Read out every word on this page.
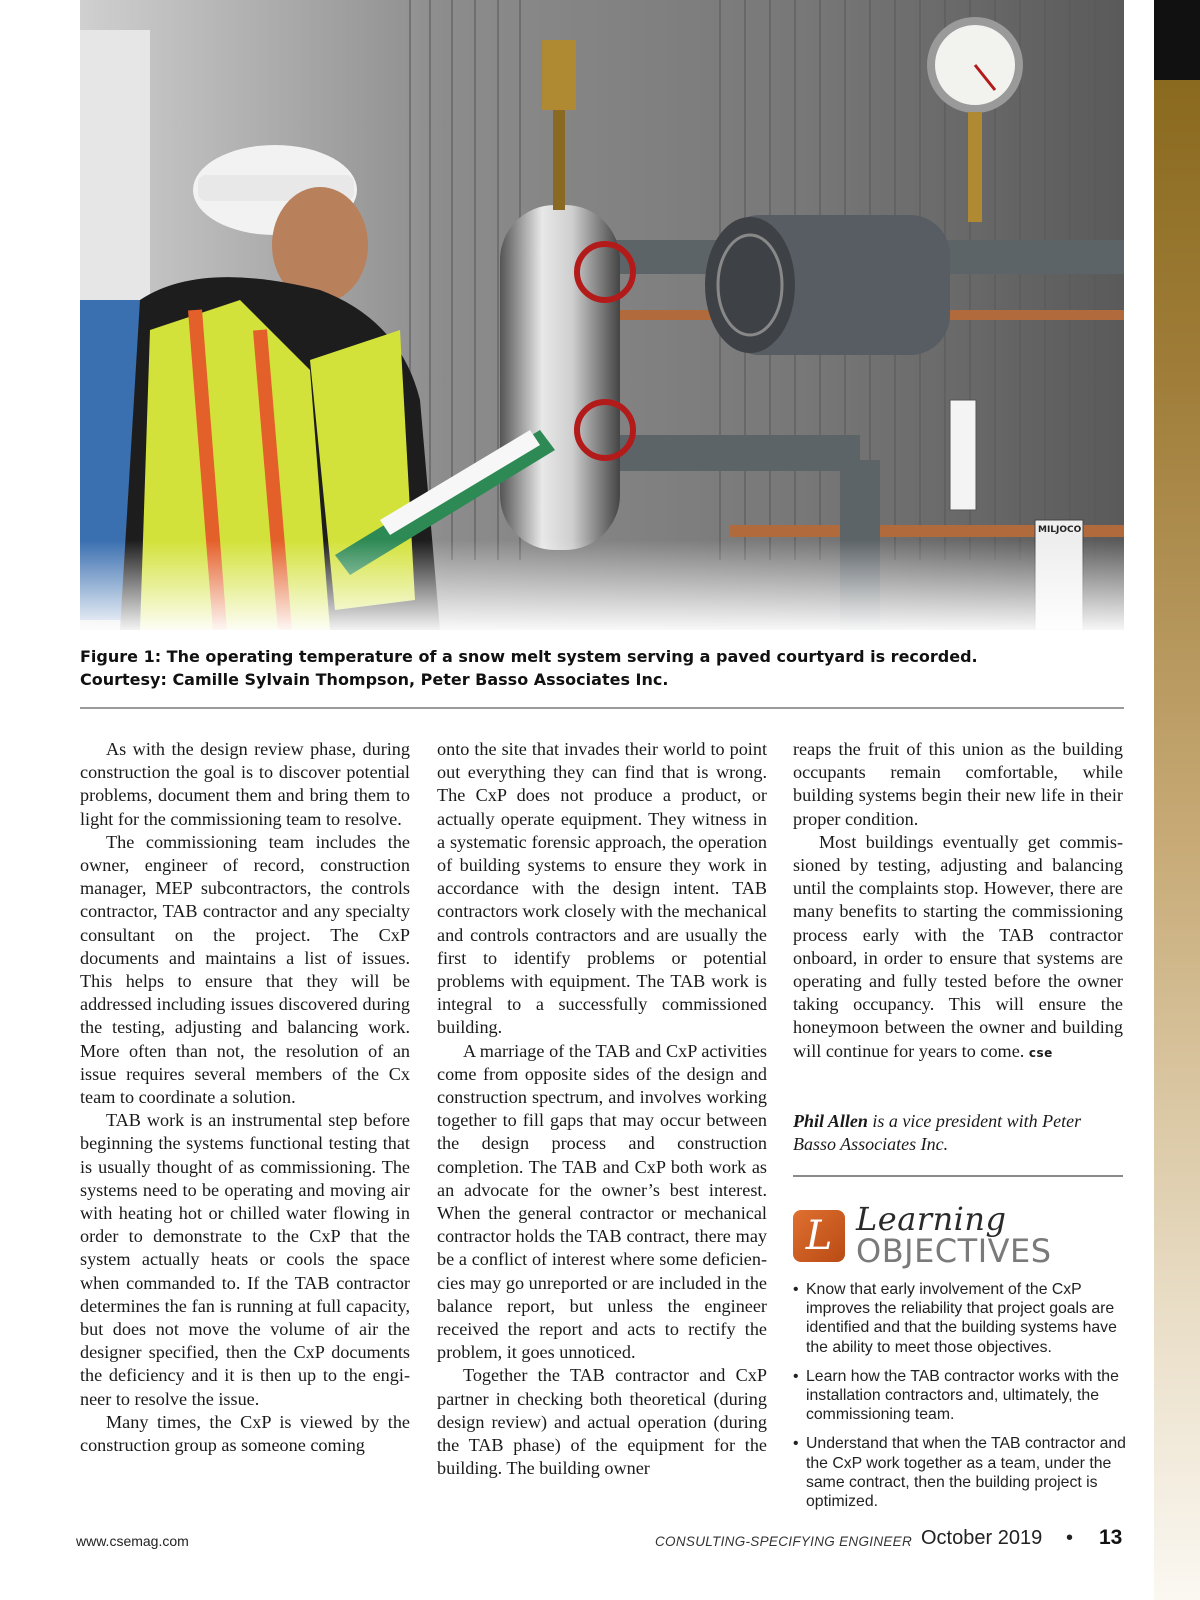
MILJOCO
Figure 1: The operating temperature of a snow melt system serving a paved courtyard is recorded.
Courtesy: Camille Sylvain Thompson, Peter Basso Associates Inc.

As with the design review phase, during construction the goal is to discover potential problems, document them and bring them to light for the commissioning team to resolve.

The commissioning team includes the owner, engineer of record, construction manager, MEP subcontractors, the controls contractor, TAB contractor and any specialty consultant on the project. The CxP documents and maintains a list of issues. This helps to ensure that they will be addressed including issues discovered during the testing, adjusting and balancing work. More often than not, the resolution of an issue requires several members of the Cx team to coordinate a solution.

TAB work is an instrumental step before beginning the systems functional testing that is usually thought of as commissioning. The systems need to be operating and moving air with heating hot or chilled water flowing in order to demonstrate to the CxP that the system actually heats or cools the space when commanded to. If the TAB contractor determines the fan is running at full capacity, but does not move the volume of air the designer specified, then the CxP documents the deficiency and it is then up to the engineer to resolve the issue.

Many times, the CxP is viewed by the construction group as someone coming

onto the site that invades their world to point out everything they can find that is wrong. The CxP does not produce a product, or actually operate equipment. They witness in a systematic forensic approach, the operation of building systems to ensure they work in accordance with the design intent. TAB contractors work closely with the mechanical and controls contractors and are usually the first to identify problems or potential problems with equipment. The TAB work is integral to a successfully commissioned building.

A marriage of the TAB and CxP activities come from opposite sides of the design and construction spectrum, and involves working together to fill gaps that may occur between the design process and construction completion. The TAB and CxP both work as an advocate for the owner’s best interest. When the general contractor or mechanical contractor holds the TAB contract, there may be a conflict of interest where some deficiencies may go unreported or are included in the balance report, but unless the engineer received the report and acts to rectify the problem, it goes unnoticed.

Together the TAB contractor and CxP partner in checking both theoretical (during design review) and actual operation (during the TAB phase) of the equipment for the building. The building owner

reaps the fruit of this union as the building occupants remain comfortable, while building systems begin their new life in their proper condition.

Most buildings eventually get commissioned by testing, adjusting and balancing until the complaints stop. However, there are many benefits to starting the commissioning process early with the TAB contractor onboard, in order to ensure that systems are operating and fully tested before the owner taking occupancy. This will ensure the honeymoon between the owner and building will continue for years to come. cse

Phil Allen is a vice president with Peter Basso Associates Inc.
L Learning
OBJECTIVES
• Know that early involvement of the CxP improves the reliability that project goals are identified and that the building systems have the ability to meet those objectives.
• Learn how the TAB contractor works with the installation contractors and, ultimately, the commissioning team.
• Understand that when the TAB contractor and the CxP work together as a team, under the same contract, then the building project is optimized.
www.csemag.com	CONSULTING-SPECIFYING ENGINEER October 2019 • 13
